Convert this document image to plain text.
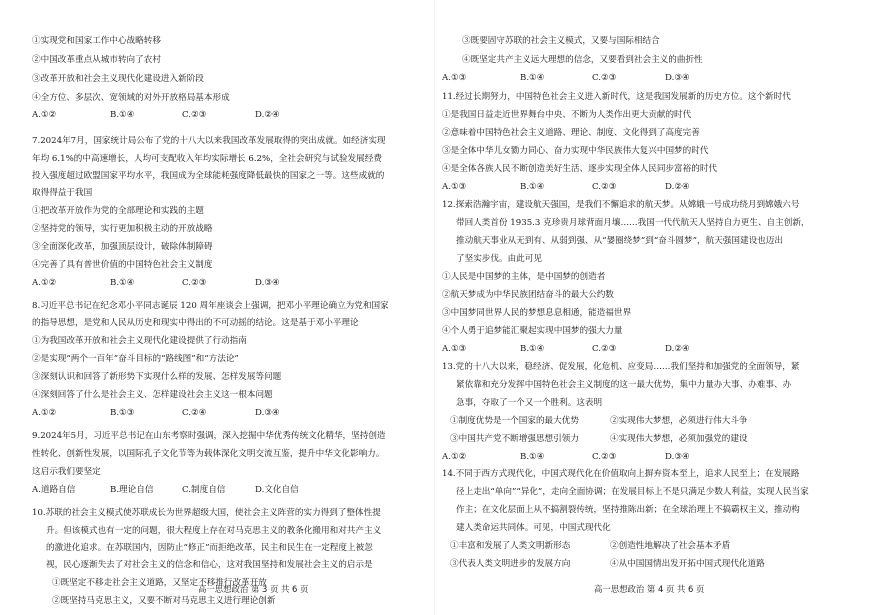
①实现党和国家工作中心战略转移
②中国改革重点从城市转向了农村
③改革开放和社会主义现代化建设进入新阶段
④全方位、多层次、宽领域的对外开放格局基本形成
7.2024年7月，国家统计局公布了党的十八大以来我国改革发展取得的突出成就。如经济实现
年均 6.1%的中高速增长，人均可支配收入年均实际增长 6.2%，全社会研究与试验发展经费
投入强度超过欧盟国家平均水平，我国成为全球能耗强度降低最快的国家之一等。这些成就的
取得得益于我国
①把改革开放作为党的全部理论和实践的主题
②坚持党的领导，实行更加积极主动的开放战略
③全面深化改革，加强顶层设计，破除体制障碍
④完善了具有普世价值的中国特色社会主义制度
8.习近平总书记在纪念邓小平同志诞辰 120 周年座谈会上强调，把邓小平理论确立为党和国家
的指导思想，是党和人民从历史和现实中得出的不可动摇的结论。这是基于邓小平理论
①为我国改革开放和社会主义现代化建设提供了行动指南
②是实现“两个一百年”奋斗目标的“路线图”和“方法论”
③深刻认识和回答了新形势下实现什么样的发展、怎样发展等问题
④深刻回答了什么是社会主义、怎样建设社会主义这一根本问题
9.2024年5月，习近平总书记在山东考察时强调，深入挖掘中华优秀传统文化精华，坚持创造
性转化、创新性发展，以国际孔子文化节等为载体深化文明交流互鉴，提升中华文化影响力。
这启示我们要坚定
10.苏联的社会主义模式使苏联成长为世界超级大国，使社会主义阵营的实力得到了整体性提
升。但该模式也有一定的问题，很大程度上存在对马克思主义的教条化搬用和对共产主义
的激进化追求。在苏联国内，因防止“修正”而拒绝改革，民主和民生在一定程度上被忽
视，民心逐渐失去了对社会主义的信念和信心，这对我国坚持和发展社会主义的启示是
①既坚定不移走社会主义道路，又坚定不移推行改革开放
②既坚持马克思主义，又要不断对马克思主义进行理论创新
A.①②	B.①④	C.②③	D.②④
A.①②	B.①④	C.②③	D.③④
A.①②	B.①③	C.②④	D.③④
A.道路自信	B.理论自信	C.制度自信	D.文化自信
③既要固守苏联的社会主义模式，又要与国际相结合
④既坚定共产主义远大理想的信念，又要看到社会主义的曲折性
11.经过长期努力，中国特色社会主义进入新时代，这是我国发展新的历史方位。这个新时代
①是我国日益走近世界舞台中央、不断为人类作出更大贡献的时代
②意味着中国特色社会主义道路、理论、制度、文化得到了高度完善
③是全体中华儿女勠力同心、奋力实现中华民族伟大复兴中国梦的时代
④是全体各族人民不断创造美好生活、逐步实现全体人民同步富裕的时代
12.探索浩瀚宇宙，建设航天强国，是我们不懈追求的航天梦。从嫦娥一号成功绕月到嫦娥六号
带回人类首份 1935.3 克珍贵月球背面月壤……我国一代代航天人坚持自力更生、自主创新，
推动航天事业从无到有、从弱到强、从“嫢圈绕梦”到“奋斗圆梦”，航天强国建设也迈出
了坚实步伐。由此可见
①人民是中国梦的主体，是中国梦的创造者
②航天梦成为中华民族团结奋斗的最大公约数
③中国梦同世界人民的梦想息息相通，能造福世界
④个人勇于追梦能汇聚起实现中国梦的强大力量
13.党的十八大以来，稳经济、促发展，化危机、应变局……我们坚持和加强党的全面领导，紧
紧依靠和充分发挥中国特色社会主义制度的这一最大优势，集中力量办大事、办难事、办
急事，夺取了一个又一个胜利。这表明
14.不同于西方式现代化，中国式现代化在价值取向上摒弃资本至上，追求人民至上；在发展路
径上走出“单向”“异化”，走向全面协调；在发展目标上不是只满足少数人利益，实现人民当家
作主；在文化层面上从不搞割裂传统，坚持推陈出新；在全球治理上不搞霸权主义，推动构
建人类命运共同体。可见，中国式现代化
A.①③	B.①④	C.②③	D.③④
A.①③	B.①④	C.②③	D.②④
A.①③	B.①④	C.②③	D.②④
A.①②	B.①④	C.②③	D.③④
①制度优势是一个国家的最大优势	②实现伟大梦想，必须进行伟大斗争
③中国共产党不断增强思想引领力	④实现伟大梦想，必须加强党的建设
①丰富和发展了人类文明新形态	②创造性地解决了社会基本矛盾
③代表人类文明进步的发展方向	④从中国国情出发开拓中国式现代化道路
高一思想政治 第 3 页 共 6 页	高一思想政治 第 4 页 共 6 页
